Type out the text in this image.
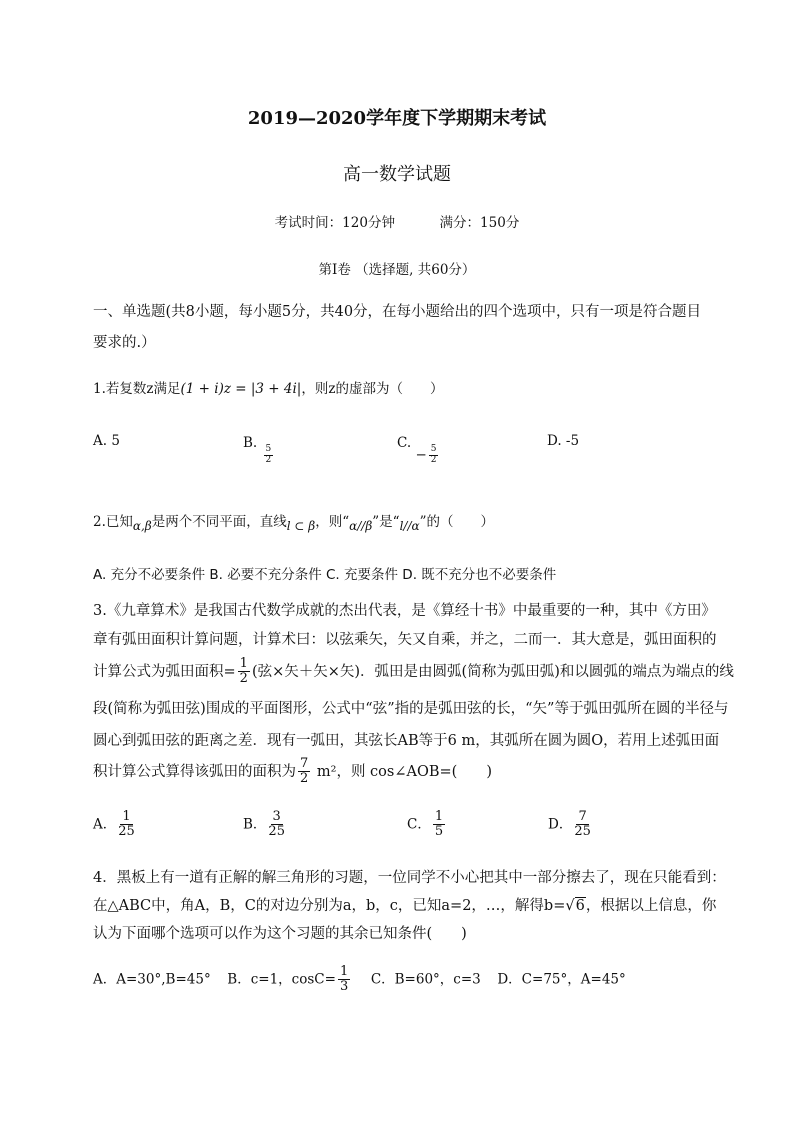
2019—2020学年度下学期期末考试
高一数学试题
考试时间：120分钟	满分：150分
第I卷 （选择题, 共60分）
一、单选题(共8小题，每小题5分，共40分，在每小题给出的四个选项中，只有一项是符合题目
要求的.）
1.若复数z满足(1 + i)z = |3 + 4i|，则z的虚部为（　　）
A. 5	B.
$\frac{5}{2}$
C. − $\frac{5}{2}$
D. -5
2.已知α,β是两个不同平面，直线l ⊂ β，则“α//β”是“l//α”的（　　）
A. 充分不必要条件 B. 必要不充分条件 C. 充要条件 D. 既不充分也不必要条件
3.《九章算术》是我国古代数学成就的杰出代表，是《算经十书》中最重要的一种，其中《方田》
章有弧田面积计算问题，计算术曰：以弦乘矢，矢又自乘，并之，二而一．其大意是，弧田面积的
计算公式为弧田面积= $\frac{1}{2}$ (弦×矢＋矢×矢)．弧田是由圆弧(简称为弧田弧)和以圆弧的端点为端点的线
段(简称为弧田弦)围成的平面图形，公式中“弦”指的是弧田弦的长，“矢”等于弧田弧所在圆的半径与
圆心到弧田弦的距离之差．现有一弧田，其弦长AB等于6 m，其弧所在圆为圆O，若用上述弧田面
积计算公式算得该弧田的面积为 $\frac{7}{2} m^2$，则 cos∠AOB=(　　)
A． $\frac{1}{25}$	B． $\frac{3}{25}$	C． $\frac{1}{5}$	D． $\frac{7}{25}$
4．黑板上有一道有正解的解三角形的习题，一位同学不小心把其中一部分擦去了，现在只能看到：
在△ABC中，角A，B，C的对边分别为a，b，c，已知a=2，…，解得b=√6，根据以上信息，你
认为下面哪个选项可以作为这个习题的其余已知条件(　　)
A．A=30°,B=45° B．c=1，$\cos C= \frac{1}{3}$ C．B=60°，c=3 D．C=75°，A=45°
